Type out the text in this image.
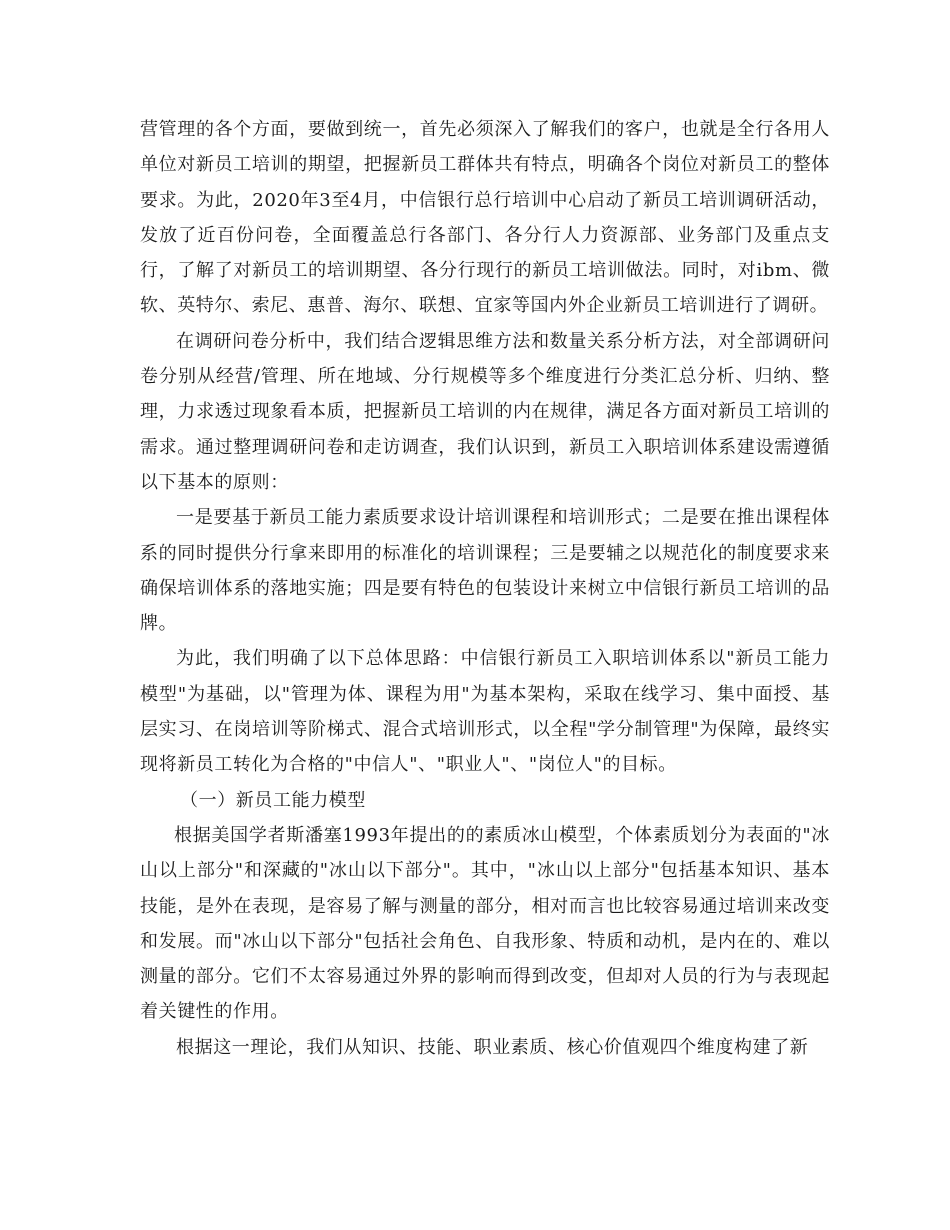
营管理的各个方面，要做到统一，首先必须深入了解我们的客户，也就是全行各用人单位对新员工培训的期望，把握新员工群体共有特点，明确各个岗位对新员工的整体要求。为此，2020年3至4月，中信银行总行培训中心启动了新员工培训调研活动，发放了近百份问卷，全面覆盖总行各部门、各分行人力资源部、业务部门及重点支行，了解了对新员工的培训期望、各分行现行的新员工培训做法。同时，对ibm、微软、英特尔、索尼、惠普、海尔、联想、宜家等国内外企业新员工培训进行了调研。

在调研问卷分析中，我们结合逻辑思维方法和数量关系分析方法，对全部调研问卷分别从经营/管理、所在地域、分行规模等多个维度进行分类汇总分析、归纳、整理，力求透过现象看本质，把握新员工培训的内在规律，满足各方面对新员工培训的需求。通过整理调研问卷和走访调查，我们认识到，新员工入职培训体系建设需遵循以下基本的原则：

一是要基于新员工能力素质要求设计培训课程和培训形式；二是要在推出课程体系的同时提供分行拿来即用的标准化的培训课程；三是要辅之以规范化的制度要求来确保培训体系的落地实施；四是要有特色的包装设计来树立中信银行新员工培训的品牌。

为此，我们明确了以下总体思路：中信银行新员工入职培训体系以"新员工能力模型"为基础，以"管理为体、课程为用"为基本架构，采取在线学习、集中面授、基层实习、在岗培训等阶梯式、混合式培训形式，以全程"学分制管理"为保障，最终实现将新员工转化为合格的"中信人"、"职业人"、"岗位人"的目标。

（一）新员工能力模型

根据美国学者斯潘塞1993年提出的的素质冰山模型，个体素质划分为表面的"冰山以上部分"和深藏的"冰山以下部分"。其中，"冰山以上部分"包括基本知识、基本技能，是外在表现，是容易了解与测量的部分，相对而言也比较容易通过培训来改变和发展。而"冰山以下部分"包括社会角色、自我形象、特质和动机，是内在的、难以测量的部分。它们不太容易通过外界的影响而得到改变，但却对人员的行为与表现起着关键性的作用。

根据这一理论，我们从知识、技能、职业素质、核心价值观四个维度构建了新
